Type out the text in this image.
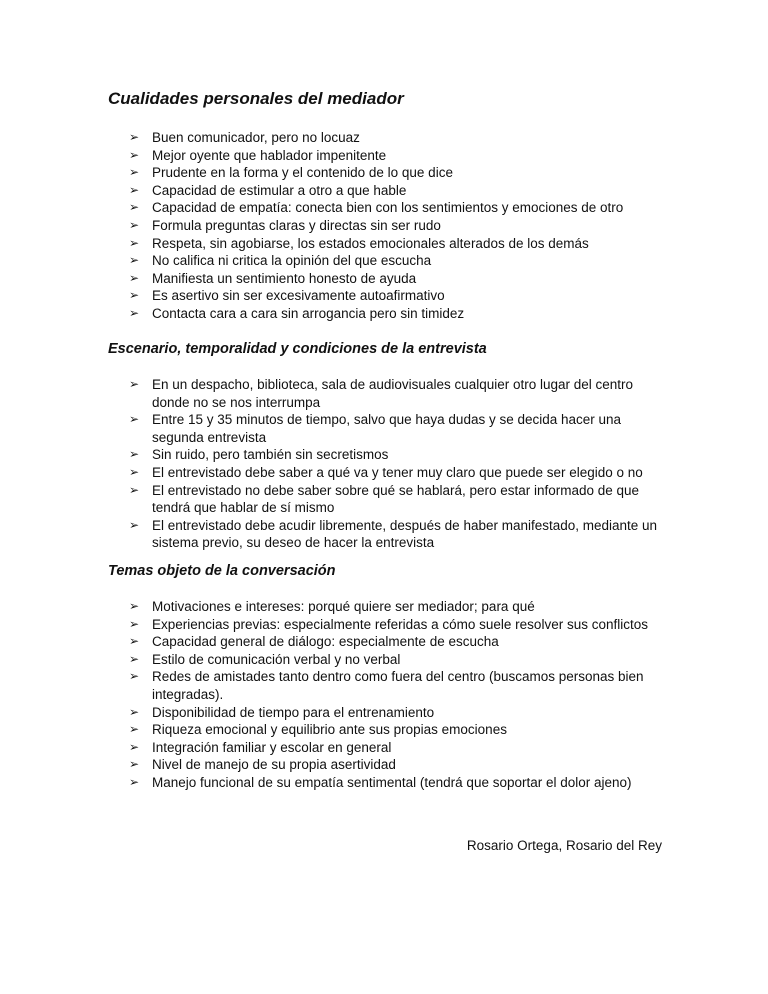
Cualidades personales del mediador
➢ Buen comunicador, pero no locuaz
➢ Mejor oyente que hablador impenitente
➢ Prudente en la forma y el contenido de lo que dice
➢ Capacidad de estimular a otro a que hable
➢ Capacidad de empatía: conecta bien con los sentimientos y emociones de otro
➢ Formula preguntas claras y directas sin ser rudo
➢ Respeta, sin agobiarse, los estados emocionales alterados de los demás
➢ No califica ni critica la opinión del que escucha
➢ Manifiesta un sentimiento honesto de ayuda
➢ Es asertivo sin ser excesivamente autoafirmativo
➢ Contacta cara a cara sin arrogancia pero sin timidez
Escenario, temporalidad y condiciones de la entrevista
➢ En un despacho, biblioteca, sala de audiovisuales cualquier otro lugar del centro donde no se nos interrumpa
➢ Entre 15 y 35 minutos de tiempo, salvo que haya dudas y se decida hacer una segunda entrevista
➢ Sin ruido, pero también sin secretismos
➢ El entrevistado debe saber a qué va y tener muy claro que puede ser elegido o no
➢ El entrevistado no debe saber sobre qué se hablará, pero estar informado de que tendrá que hablar de sí mismo
➢ El entrevistado debe acudir libremente, después de haber manifestado, mediante un sistema previo, su deseo de hacer la entrevista
Temas objeto de la conversación
➢ Motivaciones e intereses: porqué quiere ser mediador; para qué
➢ Experiencias previas: especialmente referidas a cómo suele resolver sus conflictos
➢ Capacidad general de diálogo: especialmente de escucha
➢ Estilo de comunicación verbal y no verbal
➢ Redes de amistades tanto dentro como fuera del centro (buscamos personas bien integradas).
➢ Disponibilidad de tiempo para el entrenamiento
➢ Riqueza emocional y equilibrio ante sus propias emociones
➢ Integración familiar y escolar en general
➢ Nivel de manejo de su propia asertividad
➢ Manejo funcional de su empatía sentimental (tendrá que soportar el dolor ajeno)
Rosario Ortega, Rosario del Rey
